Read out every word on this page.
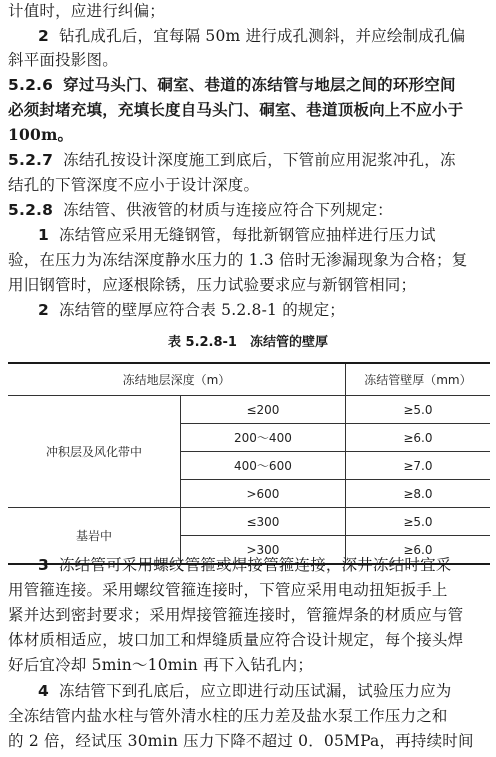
计值时，应进行纠偏；
2 钻孔成孔后，宜每隔 50m 进行成孔测斜，并应绘制成孔偏
斜平面投影图。
5.2.6 穿过马头门、硐室、巷道的冻结管与地层之间的环形空间
必须封堵充填，充填长度自马头门、硐室、巷道顶板向上不应小于
100m。
5.2.7 冻结孔按设计深度施工到底后，下管前应用泥浆冲孔，冻
结孔的下管深度不应小于设计深度。
5.2.8 冻结管、供液管的材质与连接应符合下列规定：
1 冻结管应采用无缝钢管，每批新钢管应抽样进行压力试
验，在压力为冻结深度静水压力的 1.3 倍时无渗漏现象为合格；复
用旧钢管时，应逐根除锈，压力试验要求应与新钢管相同；
2 冻结管的壁厚应符合表 5.2.8-1 的规定；
表 5.2.8-1　冻结管的壁厚
冻结地层深度（m）		冻结管壁厚（mm）
冲积层及风化带中	≤200	≥5.0
	200～400	≥6.0
	400～600	≥7.0
	>600	≥8.0
基岩中	≤300	≥5.0
	>300	≥6.0
3 冻结管可采用螺纹管箍或焊接管箍连接，深井冻结时宜采
用管箍连接。采用螺纹管箍连接时，下管应采用电动扭矩扳手上
紧并达到密封要求；采用焊接管箍连接时，管箍焊条的材质应与管
体材质相适应，坡口加工和焊缝质量应符合设计规定，每个接头焊
好后宜冷却 5min～10min 再下入钻孔内；
4 冻结管下到孔底后，应立即进行动压试漏，试验压力应为
全冻结管内盐水柱与管外清水柱的压力差及盐水泵工作压力之和
的 2 倍，经试压 30min 压力下降不超过 0．05MPa，再持续时间
